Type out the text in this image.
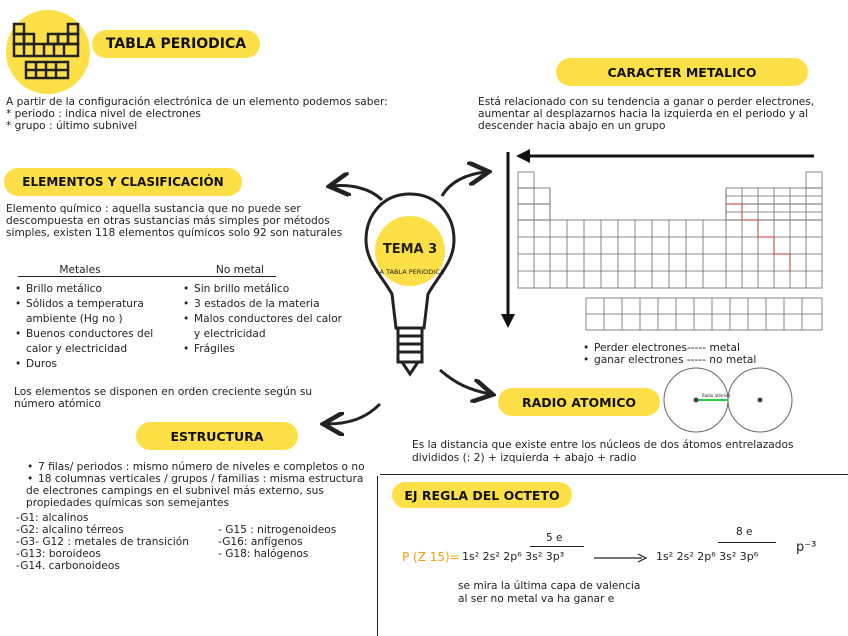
TABLA PERIODICA
A partir de la configuración electrónica de un elemento podemos saber:
* periodo : indica nivel de electrones
* grupo : último subnivel
ELEMENTOS Y CLASIFICACIÓN
Elemento químico : aquella sustancia que no puede ser
descompuesta en otras sustancias más simples por métodos
simples, existen 118 elementos químicos solo 92 son naturales
Metales	No metal
• Brillo metálico
• Sólidos a temperatura
ambiente (Hg no )
• Buenos conductores del
calor y electricidad
• Duros
• Sin brillo metálico
• 3 estados de la materia
• Malos conductores del calor
y electricidad
• Frágiles
Los elementos se disponen en orden creciente según su
número atómico
ESTRUCTURA
• 7 filas/ periodos : mismo número de niveles e completos o no
• 18 columnas verticales / grupos / familias : misma estructura
de electrones campings en el subnivel más externo, sus
propiedades químicas son semejantes
-G1: alcalinos
-G2: alcalino térreos
-G3- G12 : metales de transición
-G13: boroideos
-G14. carbonoideos
- G15 : nitrogenoideos
-G16: anfígenos
- G18: halógenos
TEMA 3
LA TABLA PERIODICA
CARACTER METALICO
Está relacionado con su tendencia a ganar o perder electrones,
aumentar al desplazarnos hacia la izquierda en el periodo y al
descender hacia abajo en un grupo
• Perder electrones----- metal
• ganar electrones ----- no metal
RADIO ATOMICO	Radio atómico
Es la distancia que existe entre los núcleos de dos átomos entrelazados
divididos (: 2) + izquierda + abajo + radio
EJ REGLA DEL OCTETO
P (Z 15)= 1s² 2s² 2p⁶ 3s² 3p³
5 e
→ 1s² 2s² 2p⁶ 3s² 3p⁶
8 e
p⁻³
se mira la última capa de valencia
al ser no metal va ha ganar e
